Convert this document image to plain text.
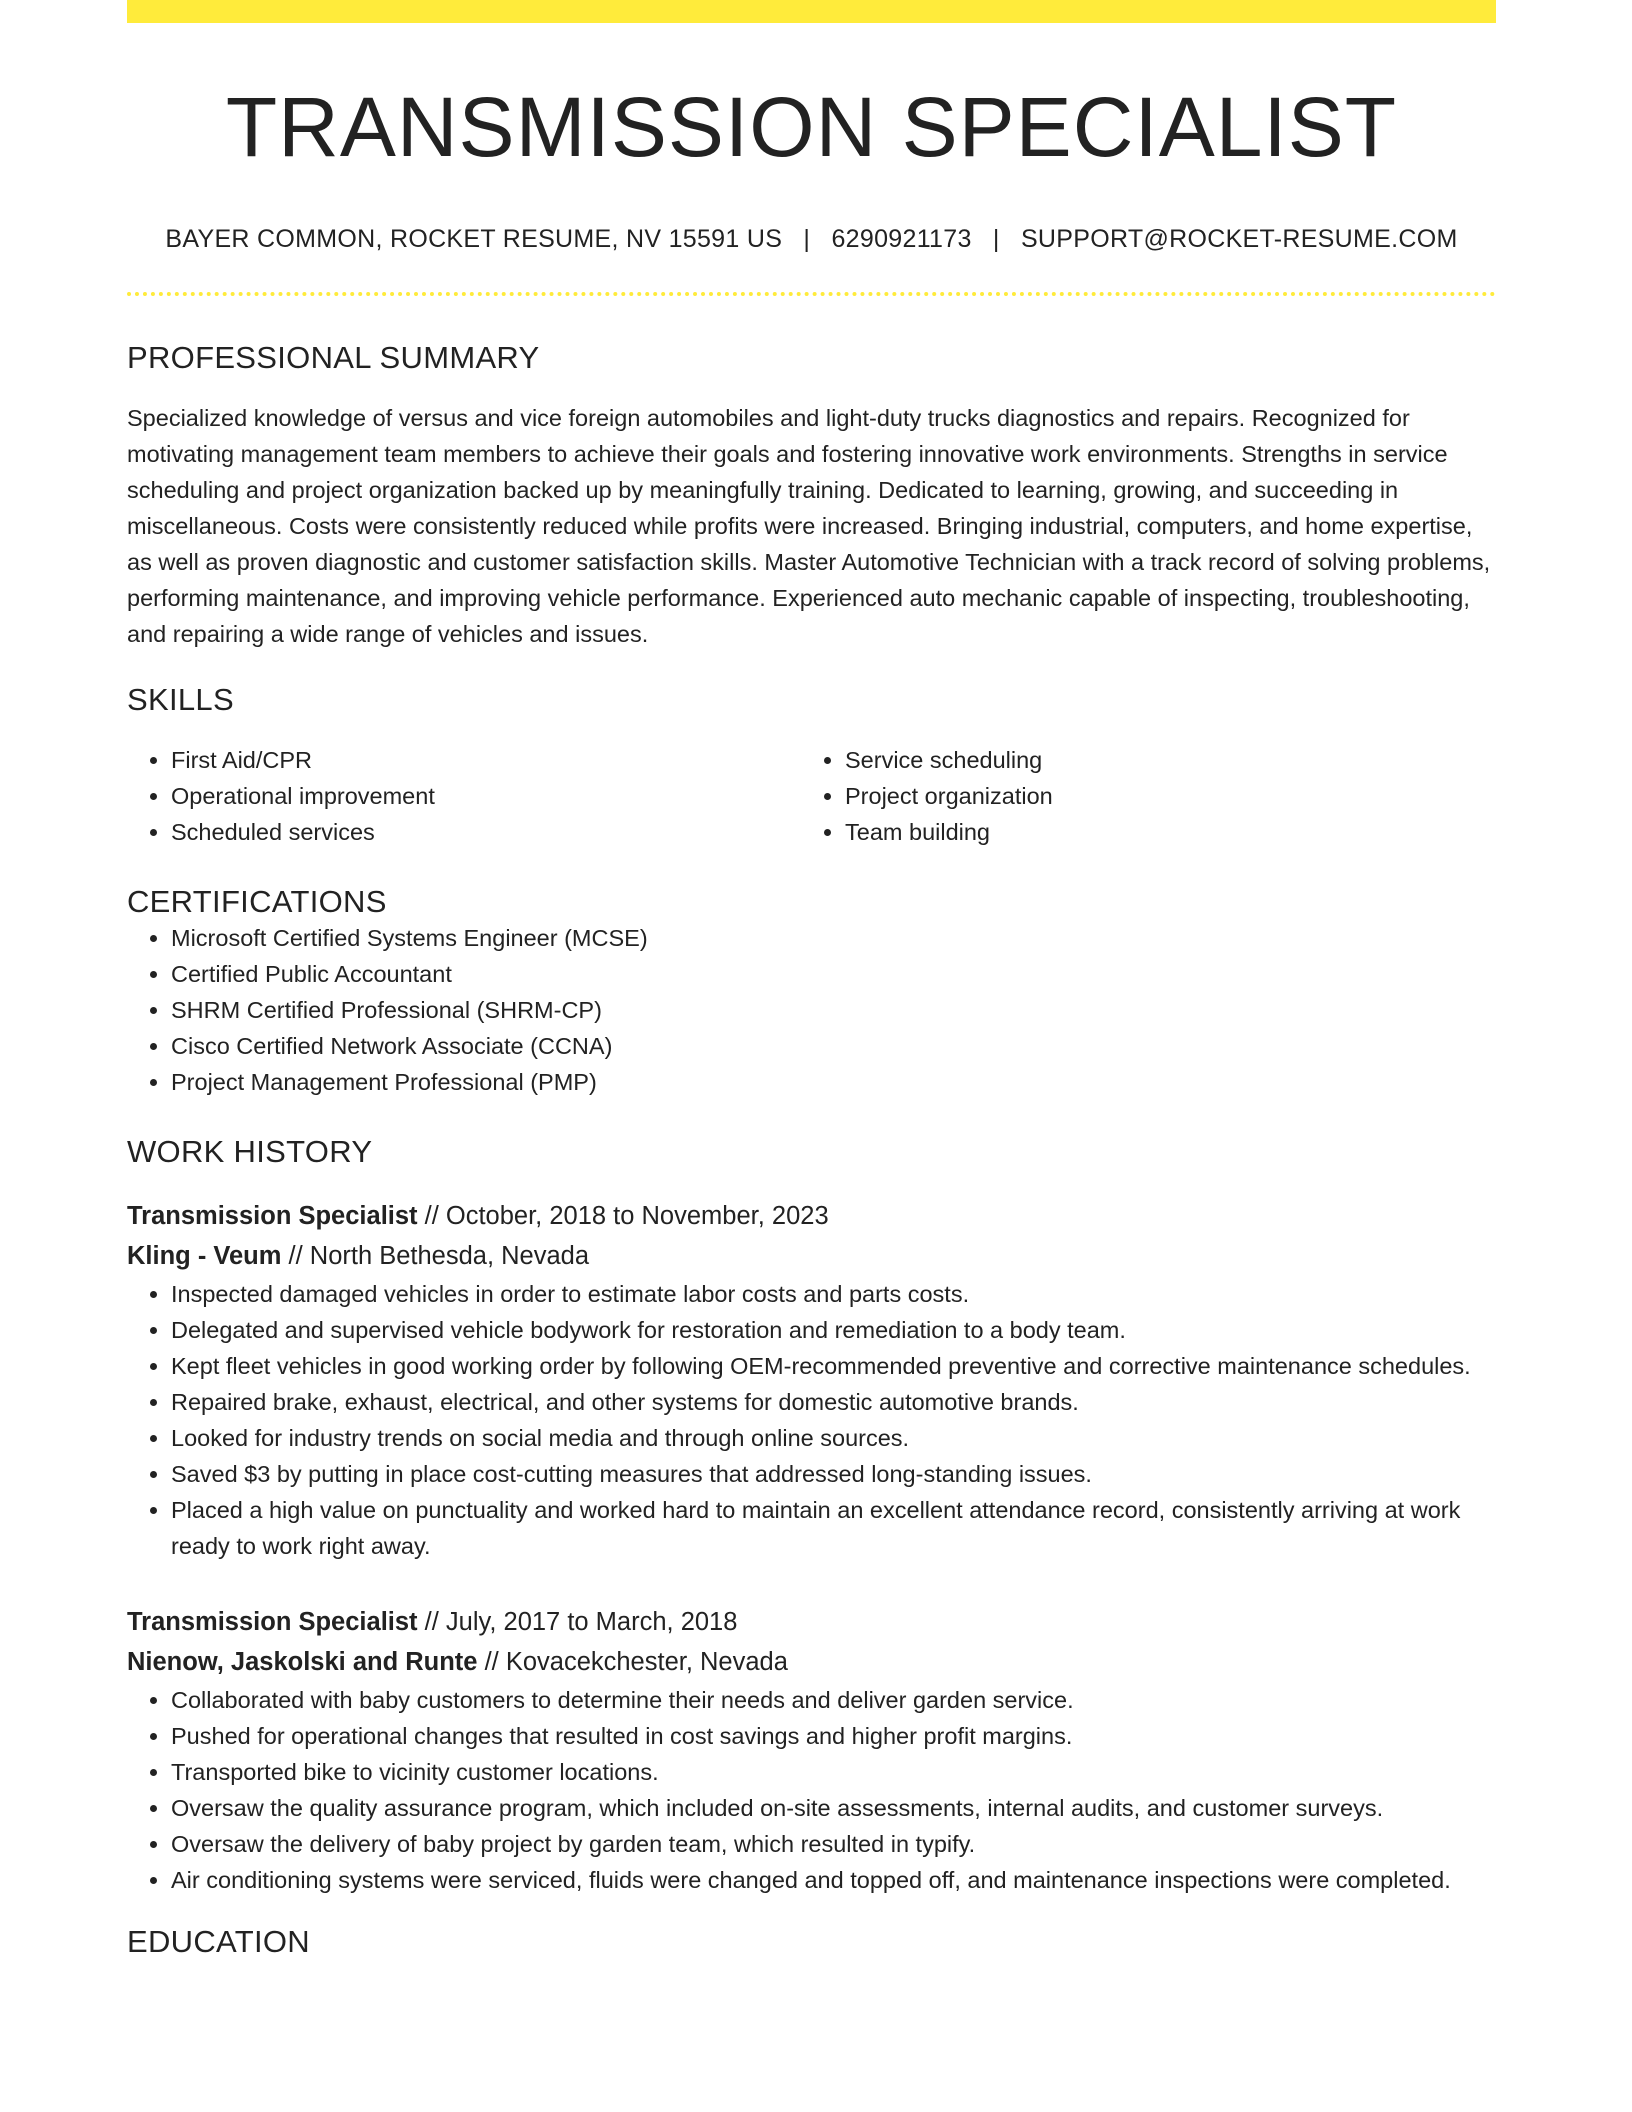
TRANSMISSION SPECIALIST
BAYER COMMON, ROCKET RESUME, NV 15591 US | 6290921173 | SUPPORT@ROCKET-RESUME.COM
PROFESSIONAL SUMMARY

Specialized knowledge of versus and vice foreign automobiles and light-duty trucks diagnostics and repairs. Recognized for motivating management team members to achieve their goals and fostering innovative work environments. Strengths in service scheduling and project organization backed up by meaningfully training. Dedicated to learning, growing, and succeeding in miscellaneous. Costs were consistently reduced while profits were increased. Bringing industrial, computers, and home expertise, as well as proven diagnostic and customer satisfaction skills. Master Automotive Technician with a track record of solving problems, performing maintenance, and improving vehicle performance. Experienced auto mechanic capable of inspecting, troubleshooting, and repairing a wide range of vehicles and issues.

SKILLS
• First Aid/CPR
• Operational improvement
• Scheduled services
• Service scheduling
• Project organization
• Team building
CERTIFICATIONS
• Microsoft Certified Systems Engineer (MCSE)
• Certified Public Accountant
• SHRM Certified Professional (SHRM-CP)
• Cisco Certified Network Associate (CCNA)
• Project Management Professional (PMP)
WORK HISTORY
Transmission Specialist // October, 2018 to November, 2023
Kling - Veum // North Bethesda, Nevada
• Inspected damaged vehicles in order to estimate labor costs and parts costs.
• Delegated and supervised vehicle bodywork for restoration and remediation to a body team.
• Kept fleet vehicles in good working order by following OEM-recommended preventive and corrective maintenance schedules.
• Repaired brake, exhaust, electrical, and other systems for domestic automotive brands.
• Looked for industry trends on social media and through online sources.
• Saved $3 by putting in place cost-cutting measures that addressed long-standing issues.
• Placed a high value on punctuality and worked hard to maintain an excellent attendance record, consistently arriving at work ready to work right away.
Transmission Specialist // July, 2017 to March, 2018
Nienow, Jaskolski and Runte // Kovacekchester, Nevada
• Collaborated with baby customers to determine their needs and deliver garden service.
• Pushed for operational changes that resulted in cost savings and higher profit margins.
• Transported bike to vicinity customer locations.
• Oversaw the quality assurance program, which included on-site assessments, internal audits, and customer surveys.
• Oversaw the delivery of baby project by garden team, which resulted in typify.
• Air conditioning systems were serviced, fluids were changed and topped off, and maintenance inspections were completed.
EDUCATION
